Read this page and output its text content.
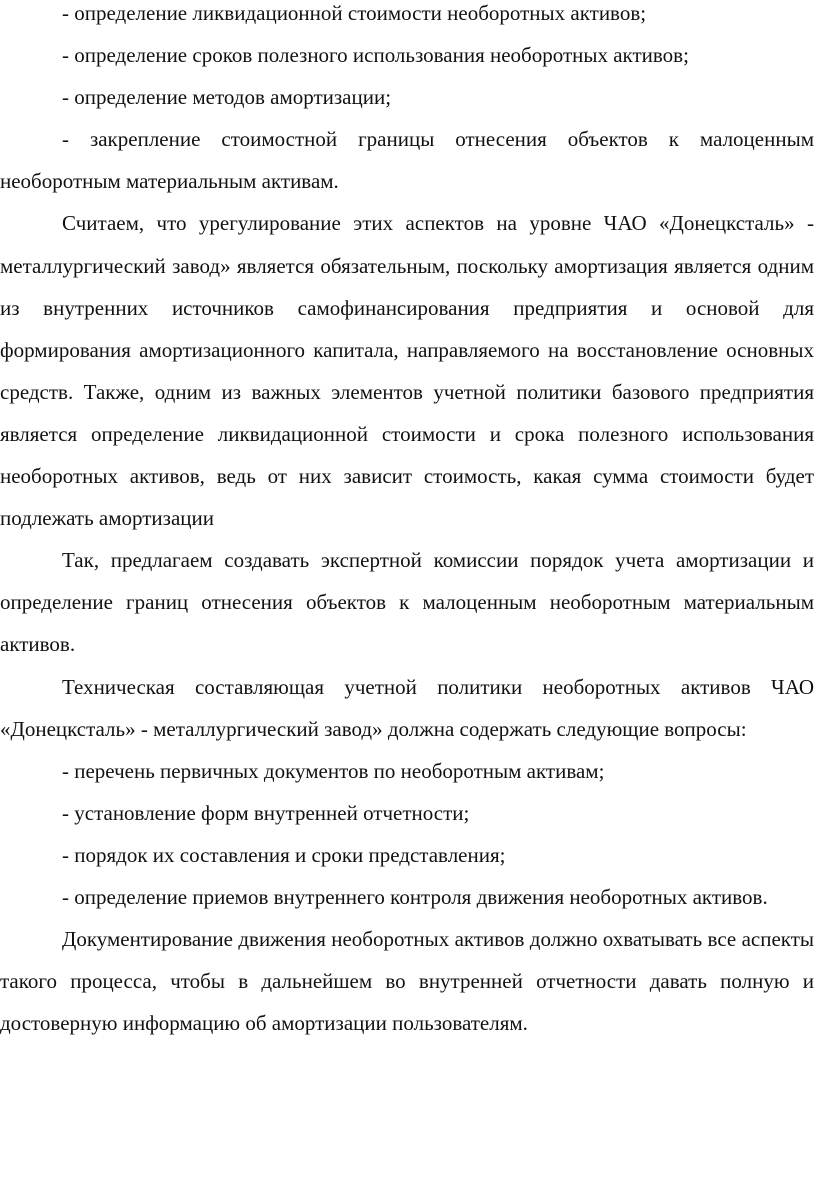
- определение ликвидационной стоимости необоротных активов;

- определение сроков полезного использования необоротных активов;

- определение методов амортизации;

- закрепление стоимостной границы отнесения объектов к малоценным необоротным материальным активам.

Считаем, что урегулирование этих аспектов на уровне ЧАО «Донецксталь» - металлургический завод» является обязательным, поскольку амортизация является одним из внутренних источников самофинансирования предприятия и основой для формирования амортизационного капитала, направляемого на восстановление основных средств. Также, одним из важных элементов учетной политики базового предприятия является определение ликвидационной стоимости и срока полезного использования необоротных активов, ведь от них зависит стоимость, какая сумма стоимости будет подлежать амортизации

Так, предлагаем создавать экспертной комиссии порядок учета амортизации и определение границ отнесения объектов к малоценным необоротным материальным активов.

Техническая составляющая учетной политики необоротных активов ЧАО «Донецксталь» - металлургический завод» должна содержать следующие вопросы:

- перечень первичных документов по необоротным активам;

- установление форм внутренней отчетности;

- порядок их составления и сроки представления;

- определение приемов внутреннего контроля движения необоротных активов.

Документирование движения необоротных активов должно охватывать все аспекты такого процесса, чтобы в дальнейшем во внутренней отчетности давать полную и достоверную информацию об амортизации пользователям.
